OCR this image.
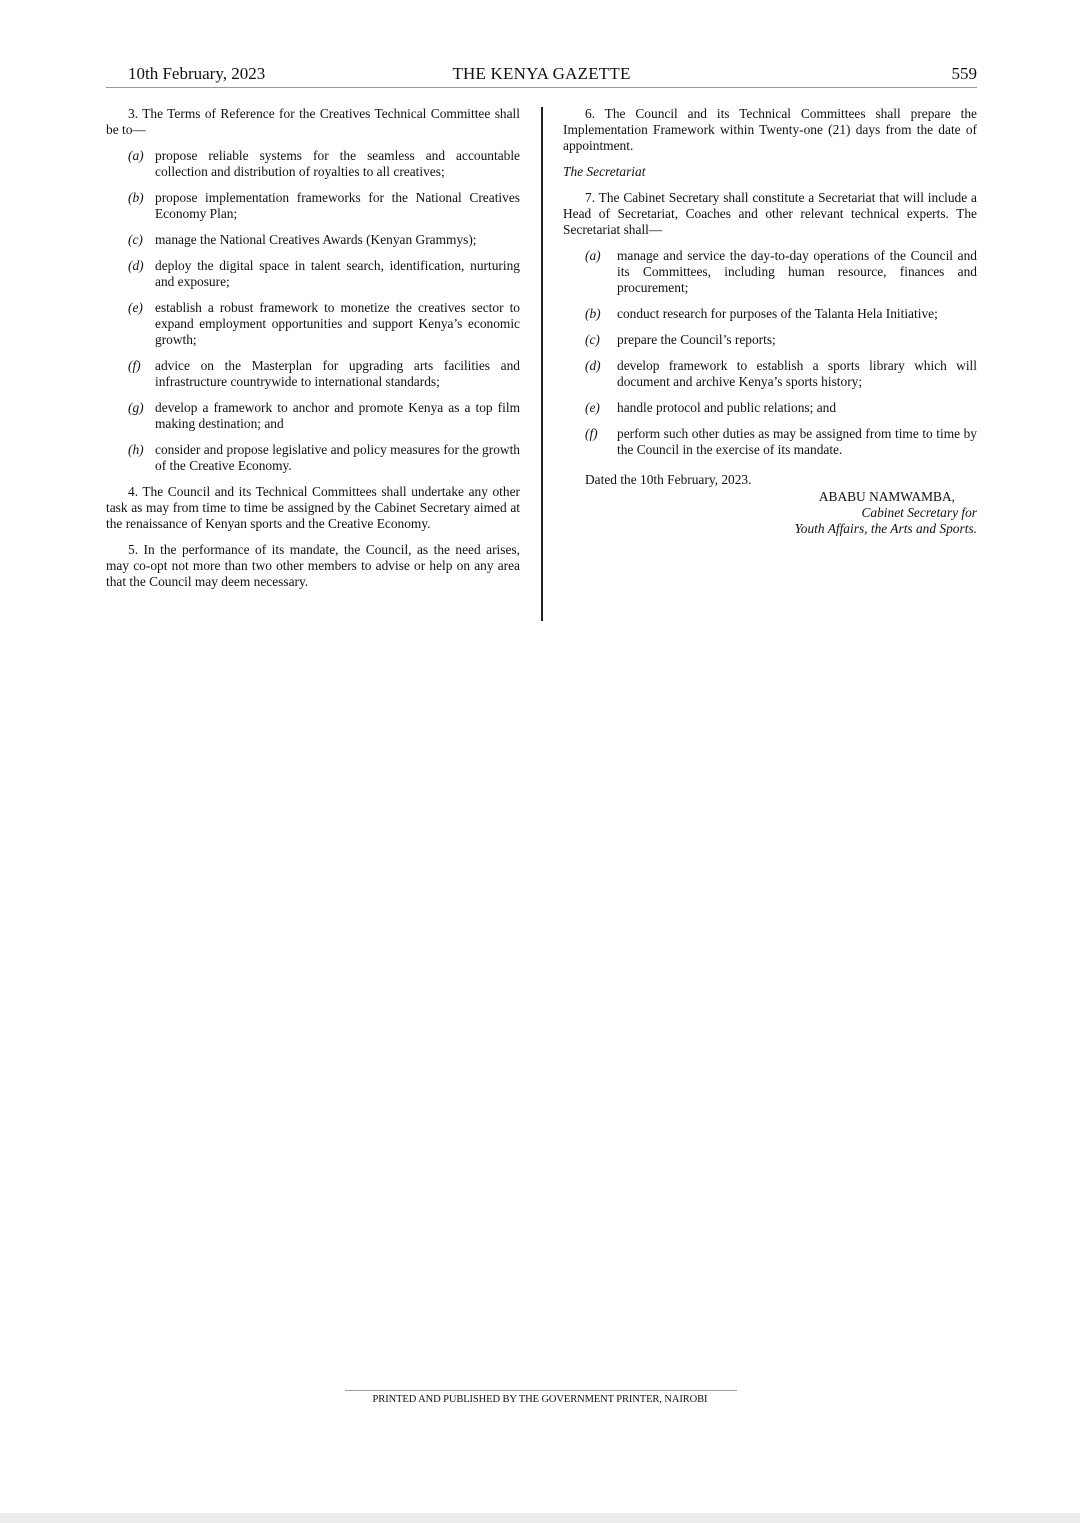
10th February, 2023	THE KENYA GAZETTE	559

3. The Terms of Reference for the Creatives Technical Committee shall be to—

(a) propose reliable systems for the seamless and accountable collection and distribution of royalties to all creatives;
(b) propose implementation frameworks for the National Creatives Economy Plan;
(c) manage the National Creatives Awards (Kenyan Grammys);
(d) deploy the digital space in talent search, identification, nurturing and exposure;
(e) establish a robust framework to monetize the creatives sector to expand employment opportunities and support Kenya’s economic growth;
(f)	advice on the Masterplan for upgrading arts facilities and infrastructure countrywide to international standards;
(g) develop a framework to anchor and promote Kenya as a top film making destination; and
(h) consider and propose legislative and policy measures for the growth of the Creative Economy.

4. The Council and its Technical Committees shall undertake any other task as may from time to time be assigned by the Cabinet Secretary aimed at the renaissance of Kenyan sports and the Creative Economy.

5. In the performance of its mandate, the Council, as the need arises, may co-opt not more than two other members to advise or help on any area that the Council may deem necessary.

6. The Council and its Technical Committees shall prepare the Implementation Framework within Twenty-one (21) days from the date of appointment.

The Secretariat

7. The Cabinet Secretary shall constitute a Secretariat that will include a Head of Secretariat, Coaches and other relevant technical experts. The Secretariat shall—

(a)	manage and service the day-to-day operations of the Council and its Committees, including human resource, finances and procurement;
(b)	conduct research for purposes of the Talanta Hela Initiative;
(c)	prepare the Council’s reports;
(d)	develop framework to establish a sports library which will document and archive Kenya’s sports history;
(e)	handle protocol and public relations; and
(f)	perform such other duties as may be assigned from time to time by the Council in the exercise of its mandate.
Dated the 10th February, 2023.
ABABU NAMWAMBA,
Cabinet Secretary for
Youth Affairs, the Arts and Sports.
PRINTED AND PUBLISHED BY THE GOVERNMENT PRINTER, NAIROBI
